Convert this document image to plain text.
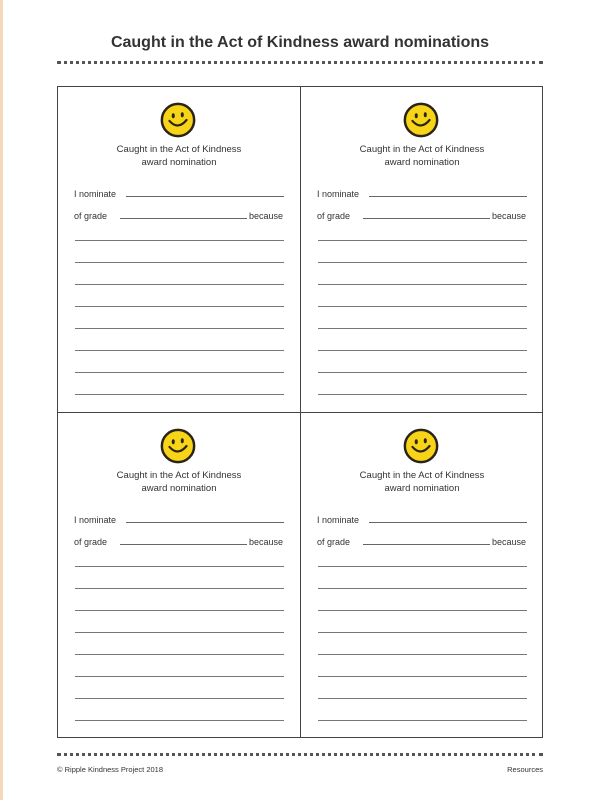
Caught in the Act of Kindness award nominations
Caught in the Act of Kindness
award nomination
I nominate
of grade	because
Caught in the Act of Kindness
award nomination
I nominate
of grade	because
Caught in the Act of Kindness
award nomination
I nominate
of grade	because
Caught in the Act of Kindness
award nomination
I nominate
of grade	because
© Ripple Kindness Project 2018	Resources
